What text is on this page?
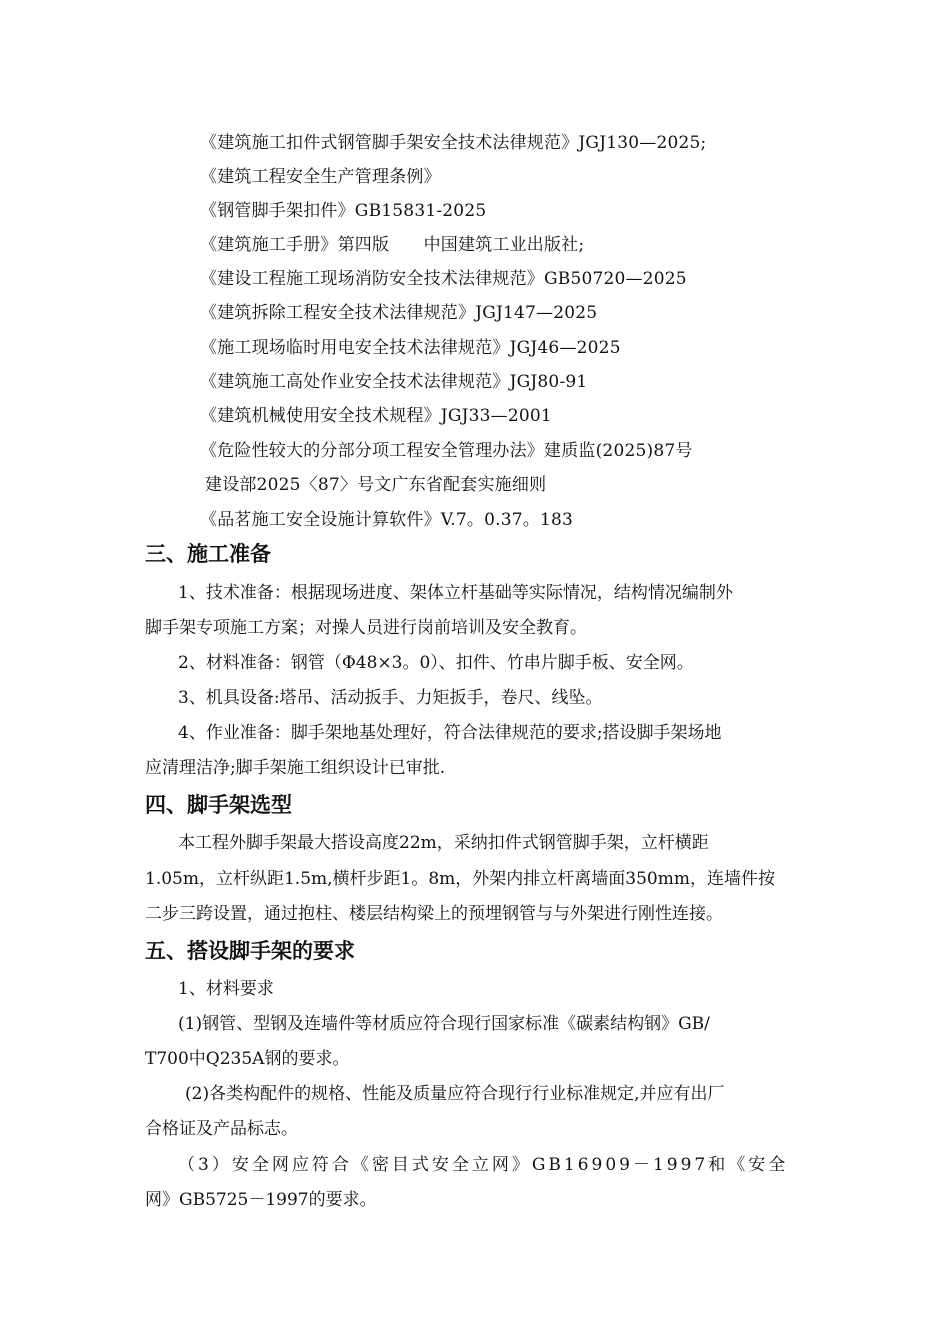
《建筑施工扣件式钢管脚手架安全技术法律规范》JGJ130—2025;
《建筑工程安全生产管理条例》
《钢管脚手架扣件》GB15831-2025
《建筑施工手册》第四版　　中国建筑工业出版社;
《建设工程施工现场消防安全技术法律规范》GB50720—2025
《建筑拆除工程安全技术法律规范》JGJ147—2025
《施工现场临时用电安全技术法律规范》JGJ46—2025
《建筑施工高处作业安全技术法律规范》JGJ80-91
《建筑机械使用安全技术规程》JGJ33—2001
《危险性较大的分部分项工程安全管理办法》建质监(2025)87号
建设部2025〈87〉号文广东省配套实施细则
《品茗施工安全设施计算软件》V.7。0.37。183
三、施工准备
1、技术准备：根据现场进度、架体立杆基础等实际情况，结构情况编制外
脚手架专项施工方案；对操人员进行岗前培训及安全教育。
2、材料准备：钢管（Φ48×3。0）、扣件、竹串片脚手板、安全网。
3、机具设备:塔吊、活动扳手、力矩扳手，卷尺、线坠。
4、作业准备：脚手架地基处理好，符合法律规范的要求;搭设脚手架场地
应清理洁净;脚手架施工组织设计已审批.
四、脚手架选型
本工程外脚手架最大搭设高度22m，采纳扣件式钢管脚手架，立杆横距
1.05m，立杆纵距1.5m,横杆步距1。8m，外架内排立杆离墙面350mm，连墙件按
二步三跨设置，通过抱柱、楼层结构梁上的预埋钢管与与外架进行刚性连接。
五、搭设脚手架的要求
1、材料要求
(1)钢管、型钢及连墙件等材质应符合现行国家标准《碳素结构钢》GB/
T700中Q235A钢的要求。
(2)各类构配件的规格、性能及质量应符合现行行业标准规定,并应有出厂
合格证及产品标志。
（3）安全网应符合《密目式安全立网》GB16909－1997和《安全
网》GB5725－1997的要求。
